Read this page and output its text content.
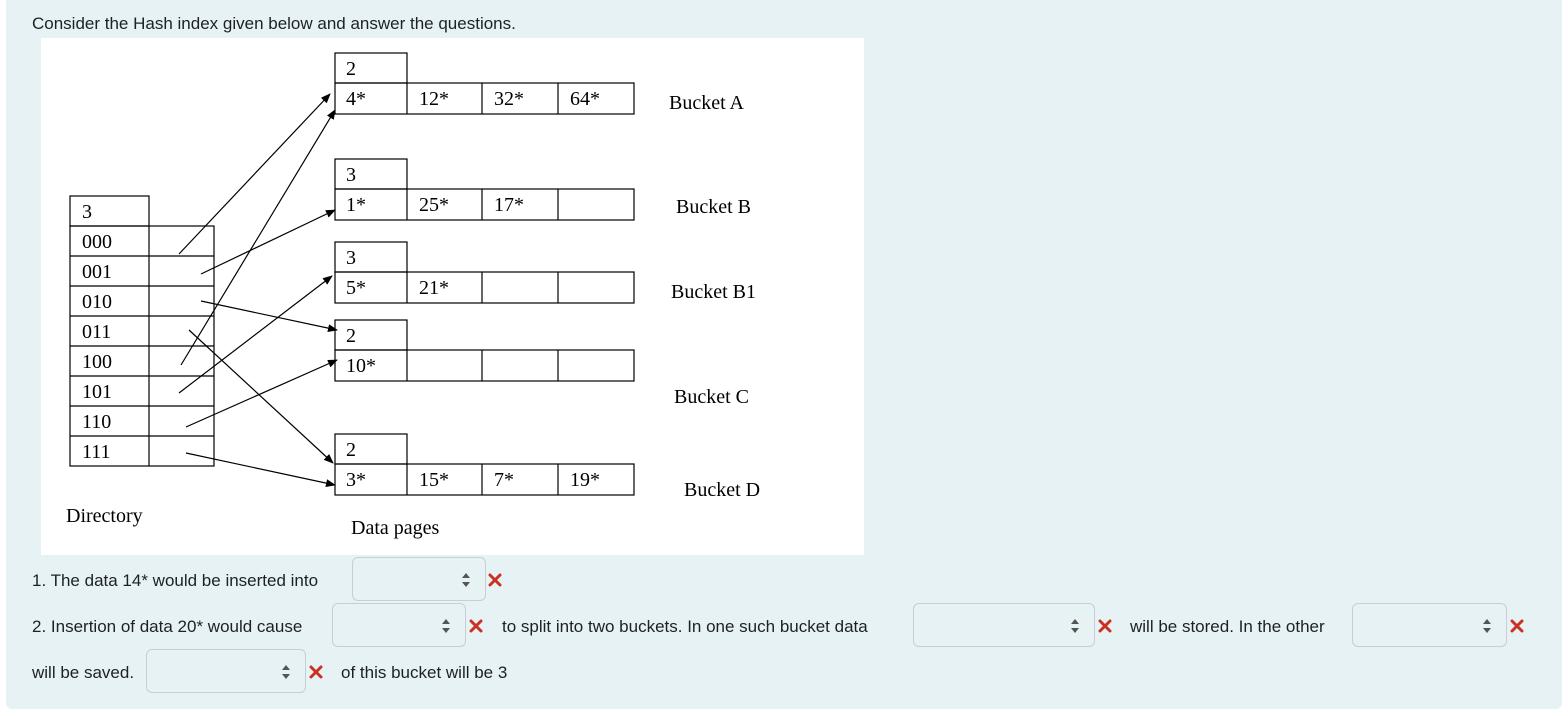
Consider the Hash index given below and answer the questions.
3
000
001
010
011
100
101
110
111
Directory
Data pages
2
4*	12* 32* 64*	Bucket A
3
1*	25* 17*	Bucket B
3
5*	21*	Bucket B1
2
10*
Bucket C
2
3*	15* 7*	19*	Bucket D
1. The data 14* would be inserted into
2. Insertion of data 20* would cause	to split into two buckets. In one such bucket data	will be stored. In the other
will be saved.	of this bucket will be 3
